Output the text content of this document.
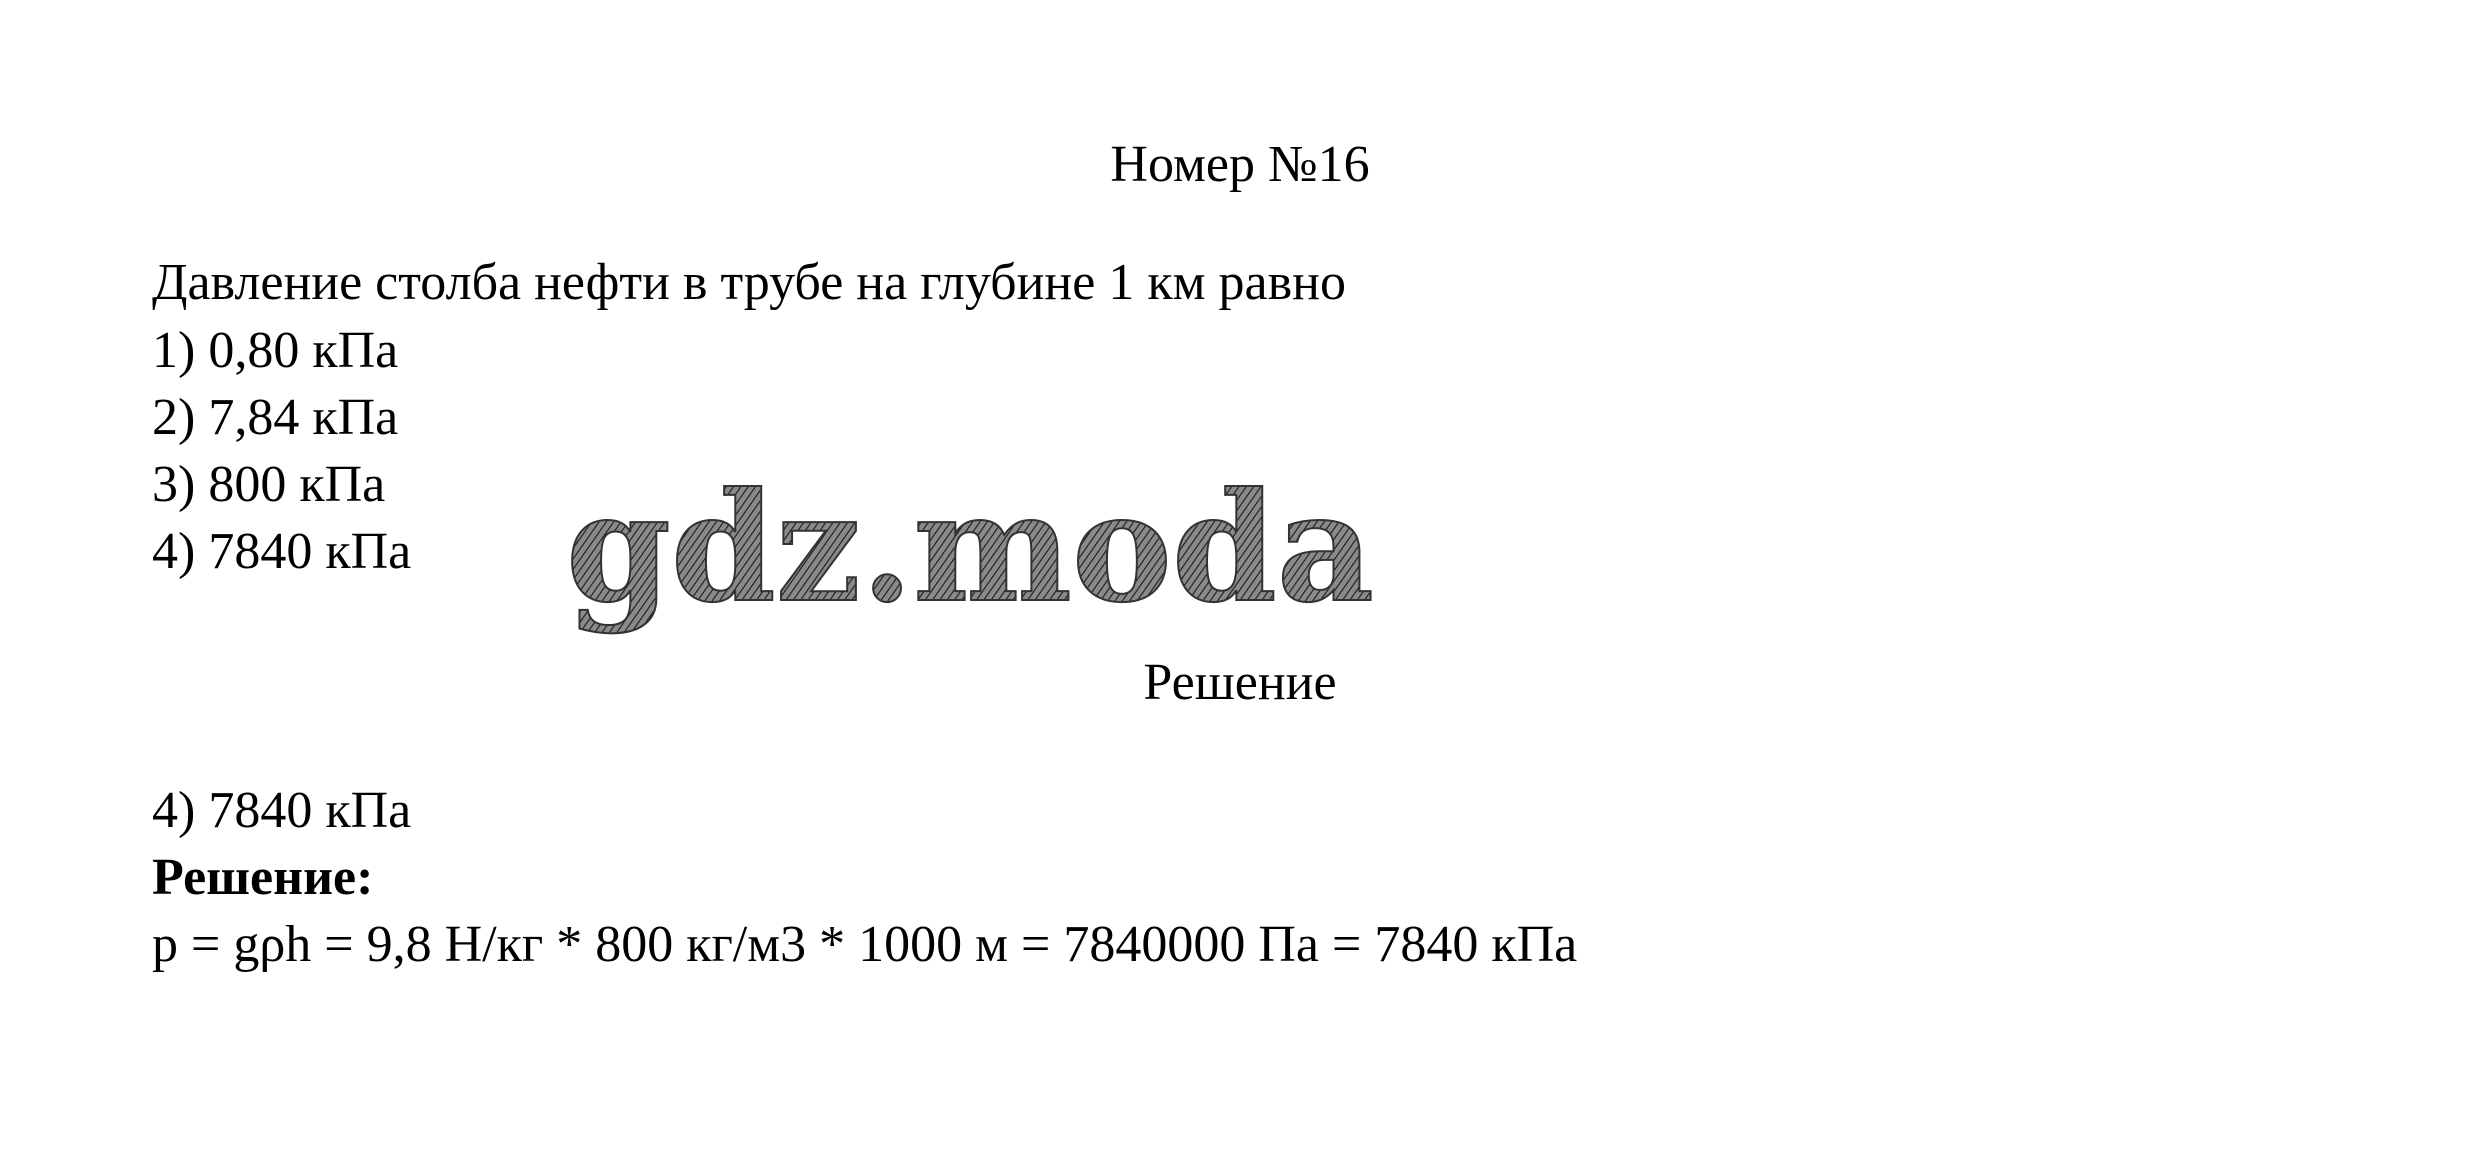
Номер №16

Давление столба нефти в трубе на глубине 1 км равно

1) 0,80 кПа

2) 7,84 кПа

3) 800 кПа

4) 7840 кПа gdz.moda

Решение

4) 7840 кПа

Решение:

p = gρh = 9,8 Н/кг * 800 кг/м3 * 1000 м = 7840000 Па = 7840 кПа
